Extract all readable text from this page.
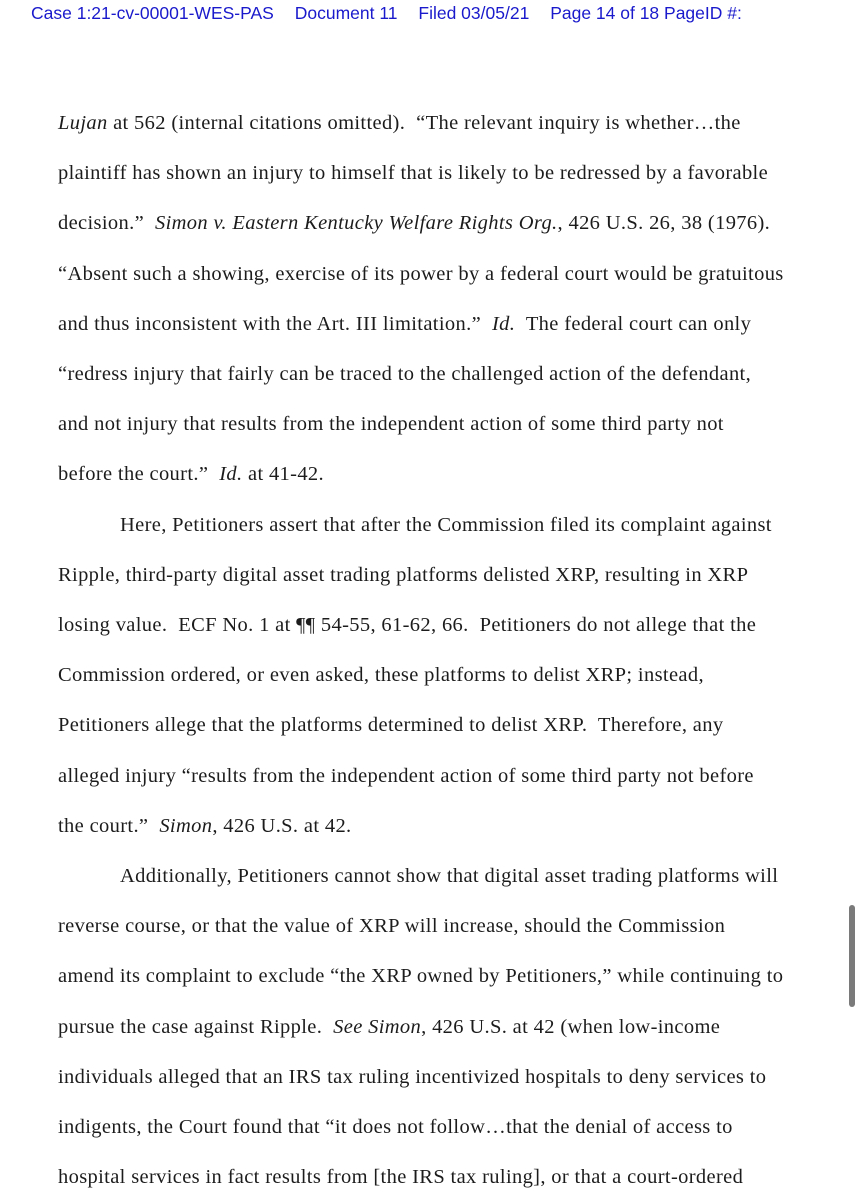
Case 1:21-cv-00001-WES-PAS Document 11 Filed 03/05/21 Page 14 of 18 PageID #:
Lujan at 562 (internal citations omitted).  “The relevant inquiry is whether…the
plaintiff has shown an injury to himself that is likely to be redressed by a favorable
decision.”  Simon v. Eastern Kentucky Welfare Rights Org., 426 U.S. 26, 38 (1976).
“Absent such a showing, exercise of its power by a federal court would be gratuitous
and thus inconsistent with the Art. III limitation.”  Id.  The federal court can only
“redress injury that fairly can be traced to the challenged action of the defendant,
and not injury that results from the independent action of some third party not
before the court.”  Id. at 41-42.
Here, Petitioners assert that after the Commission filed its complaint against
Ripple, third-party digital asset trading platforms delisted XRP, resulting in XRP
losing value.  ECF No. 1 at ¶¶ 54-55, 61-62, 66.  Petitioners do not allege that the
Commission ordered, or even asked, these platforms to delist XRP; instead,
Petitioners allege that the platforms determined to delist XRP.  Therefore, any
alleged injury “results from the independent action of some third party not before
the court.”  Simon, 426 U.S. at 42.
Additionally, Petitioners cannot show that digital asset trading platforms will
reverse course, or that the value of XRP will increase, should the Commission
amend its complaint to exclude “the XRP owned by Petitioners,” while continuing to
pursue the case against Ripple.  See Simon, 426 U.S. at 42 (when low-income
individuals alleged that an IRS tax ruling incentivized hospitals to deny services to
indigents, the Court found that “it does not follow…that the denial of access to
hospital services in fact results from [the IRS tax ruling], or that a court-ordered
